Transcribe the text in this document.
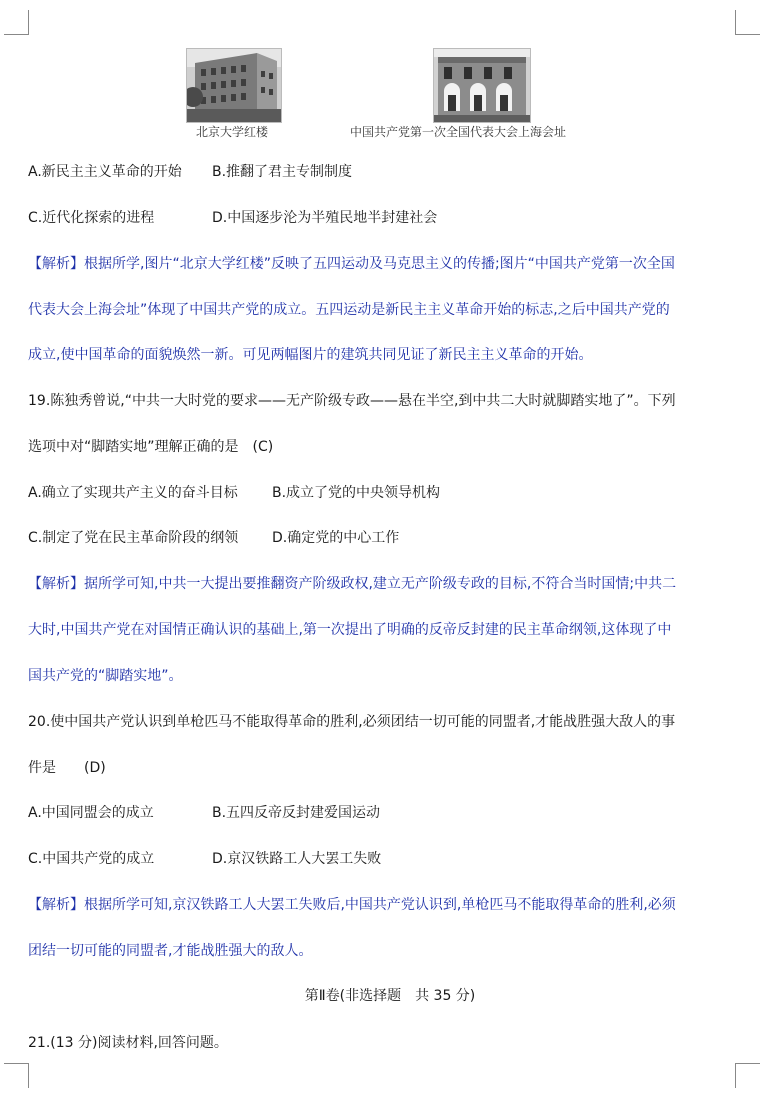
北京大学红楼	中国共产党第一次全国代表大会上海会址
A.新民主主义革命的开始 B.推翻了君主专制制度
C.近代化探索的进程	D.中国逐步沦为半殖民地半封建社会
【解析】根据所学,图片“北京大学红楼”反映了五四运动及马克思主义的传播;图片“中国共产党第一次全国
代表大会上海会址”体现了中国共产党的成立。五四运动是新民主主义革命开始的标志,之后中国共产党的
成立,使中国革命的面貌焕然一新。可见两幅图片的建筑共同见证了新民主主义革命的开始。
19.陈独秀曾说,“中共一大时党的要求——无产阶级专政——悬在半空,到中共二大时就脚踏实地了”。下列
选项中对“脚踏实地”理解正确的是　(C)
A.确立了实现共产主义的奋斗目标 B.成立了党的中央领导机构
C.制定了党在民主革命阶段的纲领 D.确定党的中心工作
【解析】据所学可知,中共一大提出要推翻资产阶级政权,建立无产阶级专政的目标,不符合当时国情;中共二
大时,中国共产党在对国情正确认识的基础上,第一次提出了明确的反帝反封建的民主革命纲领,这体现了中
国共产党的“脚踏实地”。
20.使中国共产党认识到单枪匹马不能取得革命的胜利,必须团结一切可能的同盟者,才能战胜强大敌人的事
件是　　(D)
A.中国同盟会的成立	B.五四反帝反封建爱国运动
C.中国共产党的成立	D.京汉铁路工人大罢工失败
【解析】根据所学可知,京汉铁路工人大罢工失败后,中国共产党认识到,单枪匹马不能取得革命的胜利,必须
团结一切可能的同盟者,才能战胜强大的敌人。
第Ⅱ卷(非选择题　共 35 分)
21.(13 分)阅读材料,回答问题。
